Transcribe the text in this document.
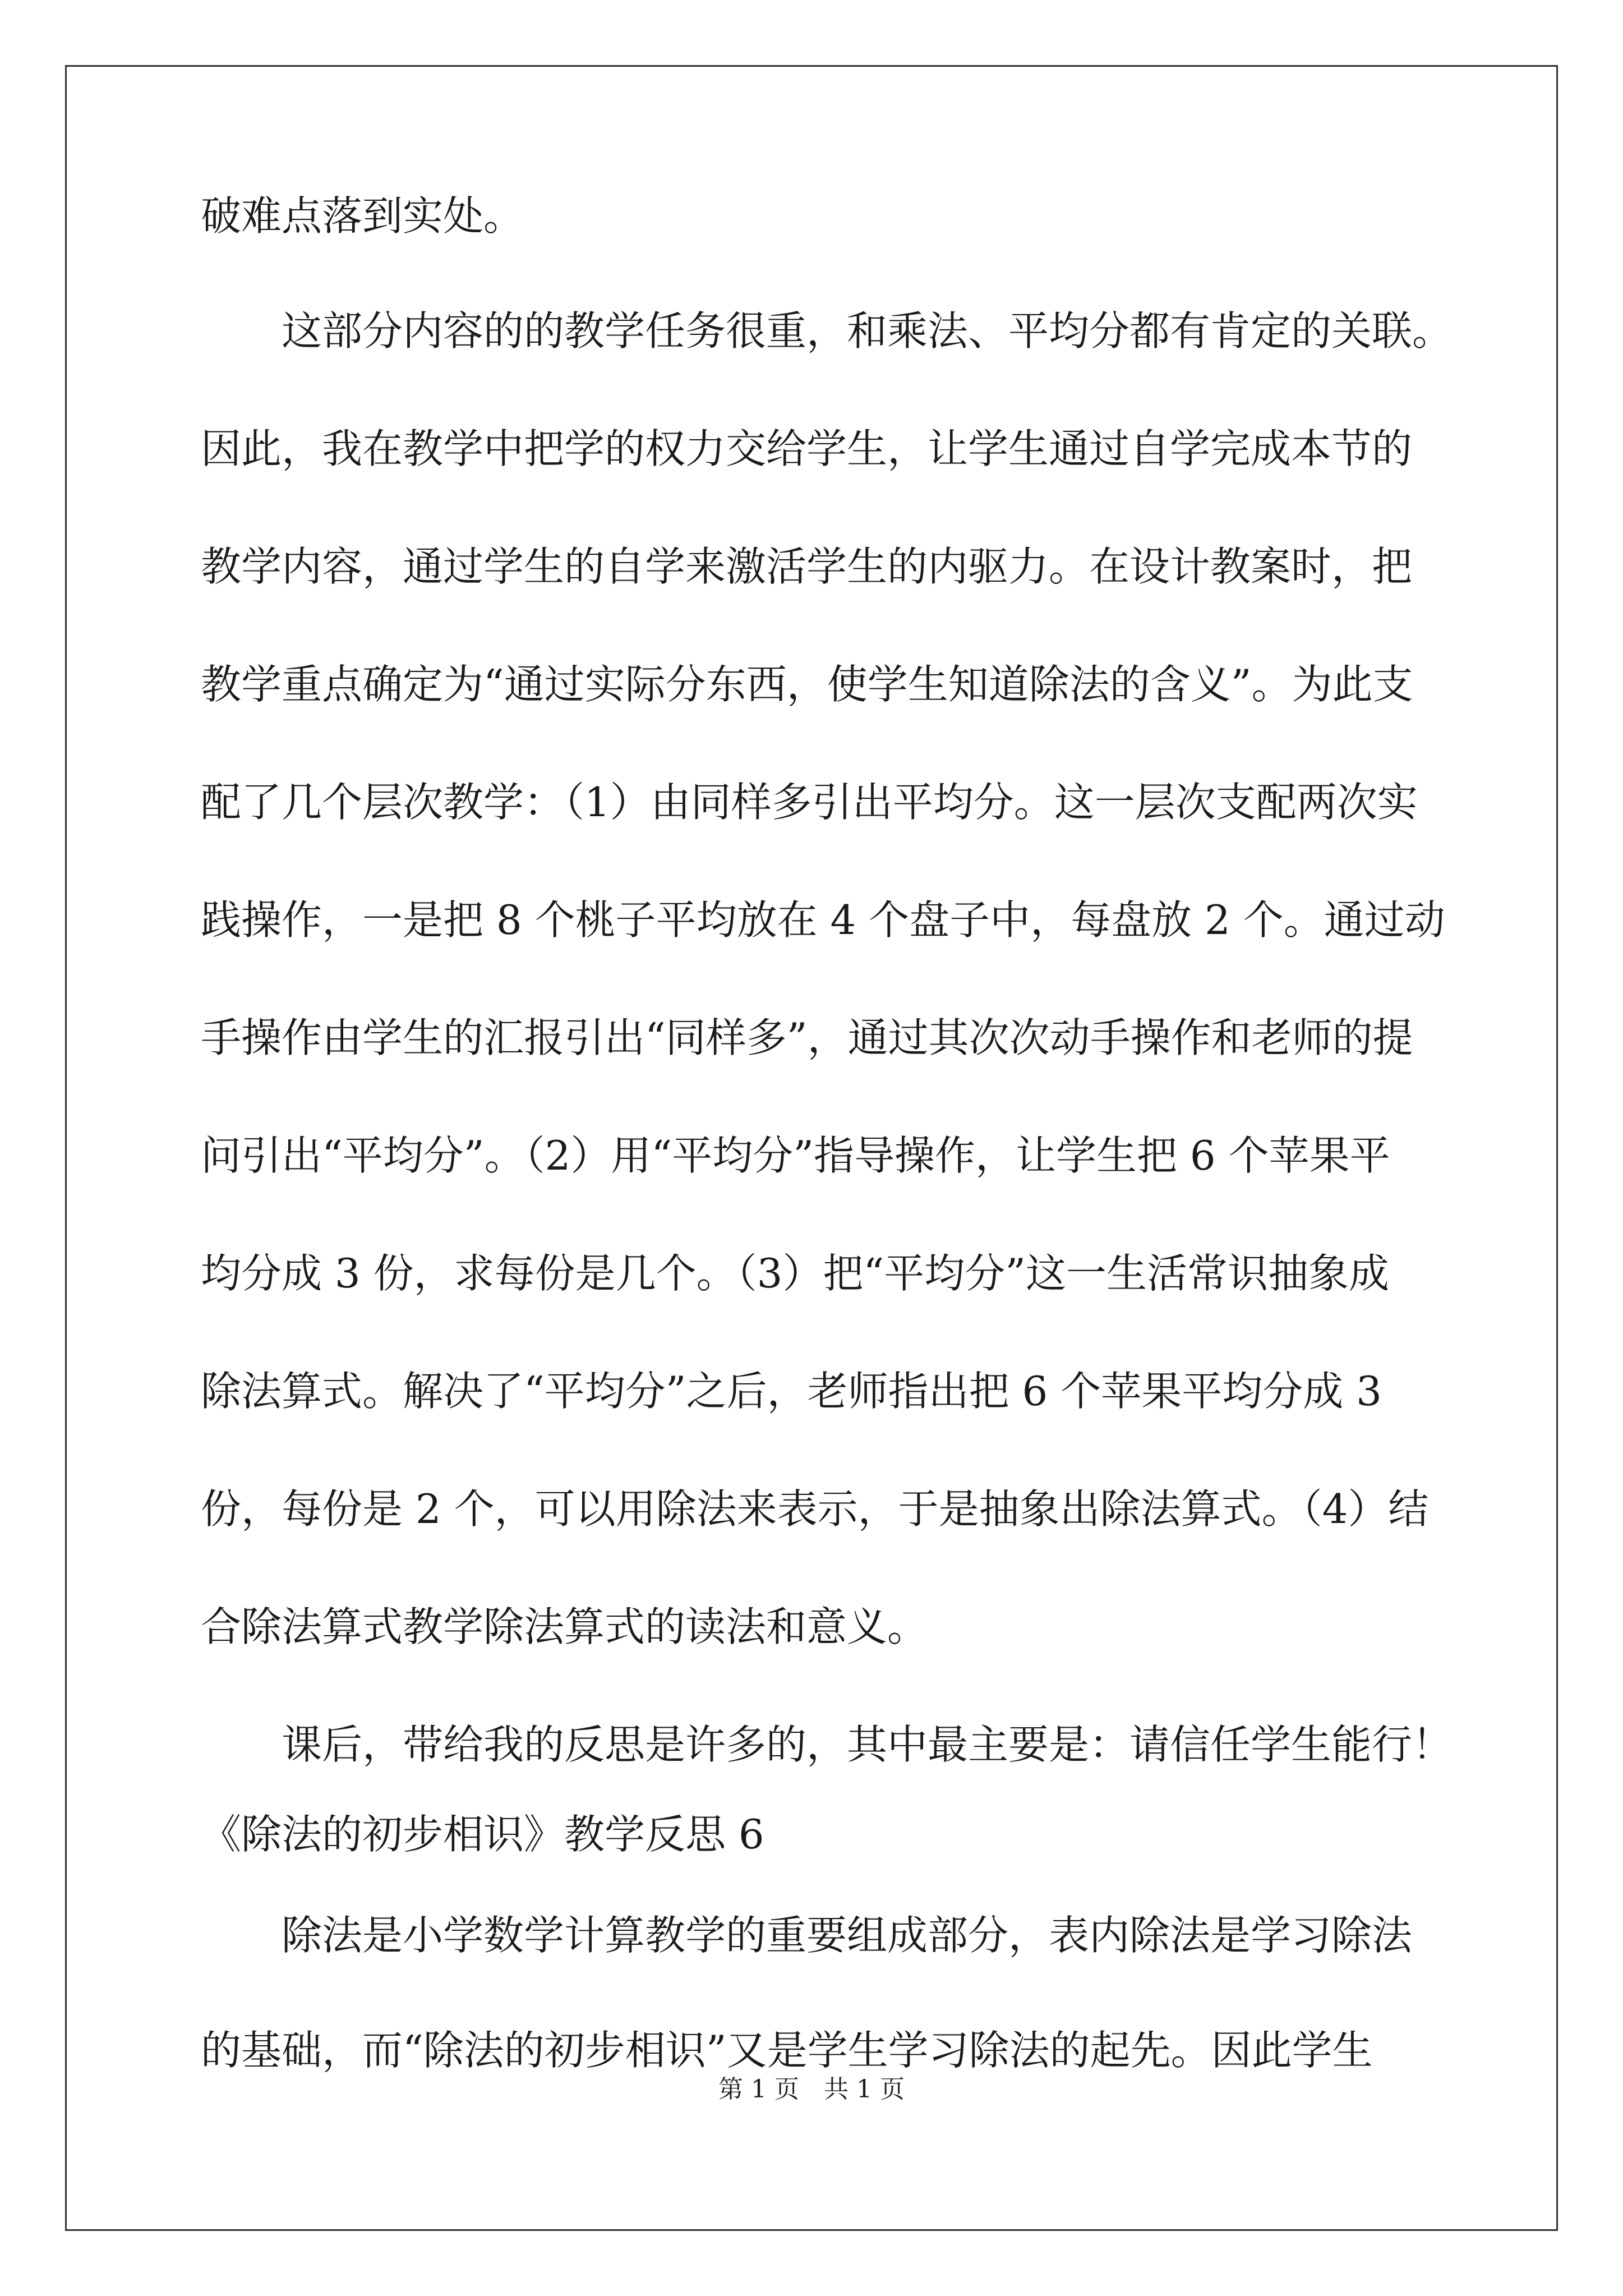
破难点落到实处。
这部分内容的的教学任务很重，和乘法、平均分都有肯定的关联。
因此，我在教学中把学的权力交给学生，让学生通过自学完成本节的
教学内容，通过学生的自学来激活学生的内驱力。在设计教案时，把
教学重点确定为“通过实际分东西，使学生知道除法的含义”。为此支
配了几个层次教学：（1）由同样多引出平均分。这一层次支配两次实
践操作，一是把 8 个桃子平均放在 4 个盘子中，每盘放 2 个。通过动
手操作由学生的汇报引出“同样多”，通过其次次动手操作和老师的提
问引出“平均分”。（2）用“平均分”指导操作，让学生把 6 个苹果平
均分成 3 份，求每份是几个。（3）把“平均分”这一生活常识抽象成
除法算式。解决了“平均分”之后，老师指出把 6 个苹果平均分成 3
份，每份是 2 个，可以用除法来表示，于是抽象出除法算式。（4）结
合除法算式教学除法算式的读法和意义。
课后，带给我的反思是许多的，其中最主要是：请信任学生能行！
《除法的初步相识》教学反思 6
除法是小学数学计算教学的重要组成部分，表内除法是学习除法
的基础，而“除法的初步相识”又是学生学习除法的起先。因此学生
第 1 页　共 1 页
